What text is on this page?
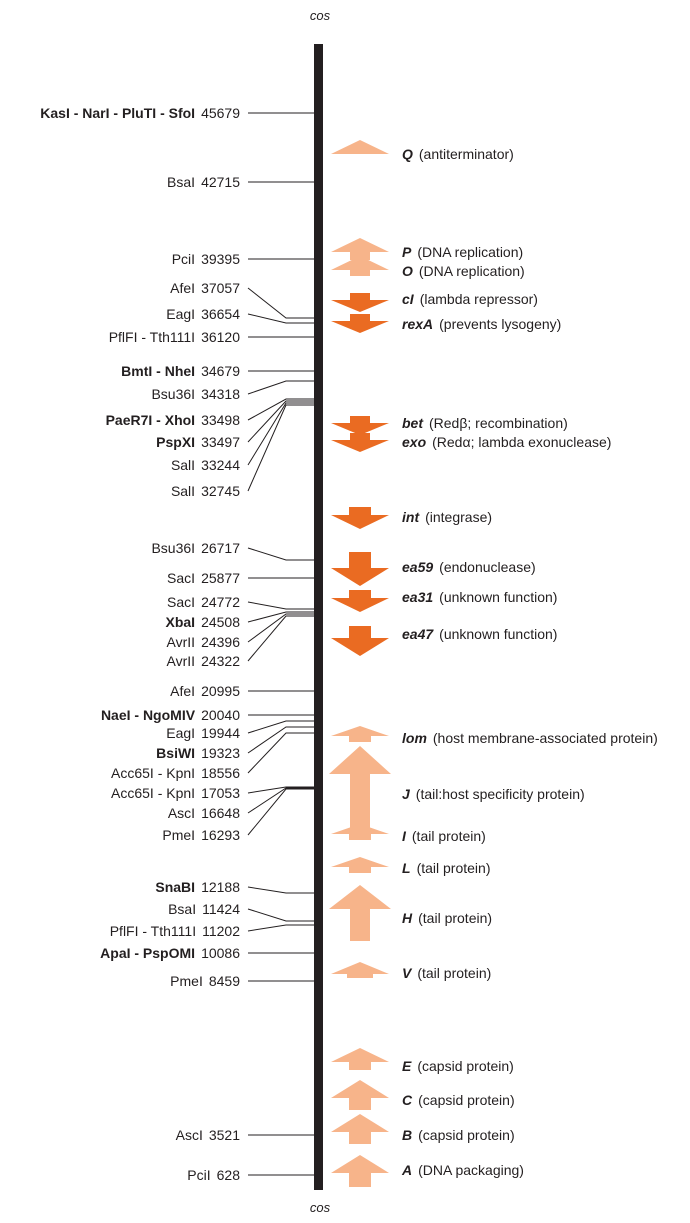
cos
cos
KasI - NarI - PluTI - SfoI 45679
BsaI 42715
PciI 39395
AfeI 37057
EagI 36654
PflFI - Tth111I 36120
BmtI - NheI 34679
Bsu36I 34318
PaeR7I - XhoI 33498
PspXI 33497
SalI 33244
SalI 32745
Bsu36I 26717
SacI 25877
SacI 24772
XbaI 24508
AvrII 24396
AvrII 24322
AfeI 20995
NaeI - NgoMIV 20040
EagI 19944
BsiWI 19323
Acc65I - KpnI 18556
Acc65I - KpnI 17053
AscI 16648
PmeI 16293
SnaBI 12188
BsaI 11424
PflFI - Tth111I 11202
ApaI - PspOMI 10086
PmeI 8459
AscI 3521
PciI 628
Q (antiterminator)
P (DNA replication)
O (DNA replication)
cI (lambda repressor)
rexA (prevents lysogeny)
bet (Redβ; recombination)
exo (Redα; lambda exonuclease)
int (integrase)
ea59 (endonuclease)
ea31 (unknown function)
ea47 (unknown function)
lom (host membrane-associated protein)
J (tail:host specificity protein)
I (tail protein)
L (tail protein)
H (tail protein)
V (tail protein)
E (capsid protein)
C (capsid protein)
B (capsid protein)
A (DNA packaging)
